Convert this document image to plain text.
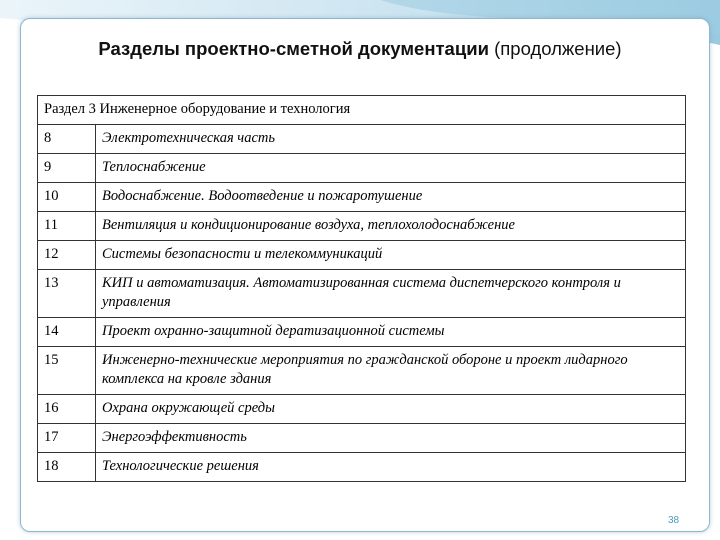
Разделы проектно-сметной документации (продолжение)
Раздел 3 Инженерное оборудование и технология	
8	Электротехническая часть
9	Теплоснабжение
10	Водоснабжение. Водоотведение и пожаротушение
11	Вентиляция и кондиционирование воздуха, теплохолодоснабжение
12	Системы безопасности и телекоммуникаций
13	КИП и автоматизация. Автоматизированная система диспетчерского контроля и управления
14	Проект охранно-защитной дератизационной системы
15	Инженерно-технические мероприятия по гражданской обороне и проект лидарного комплекса на кровле здания
16	Охрана окружающей среды
17	Энергоэффективность
18	Технологические решения
38
